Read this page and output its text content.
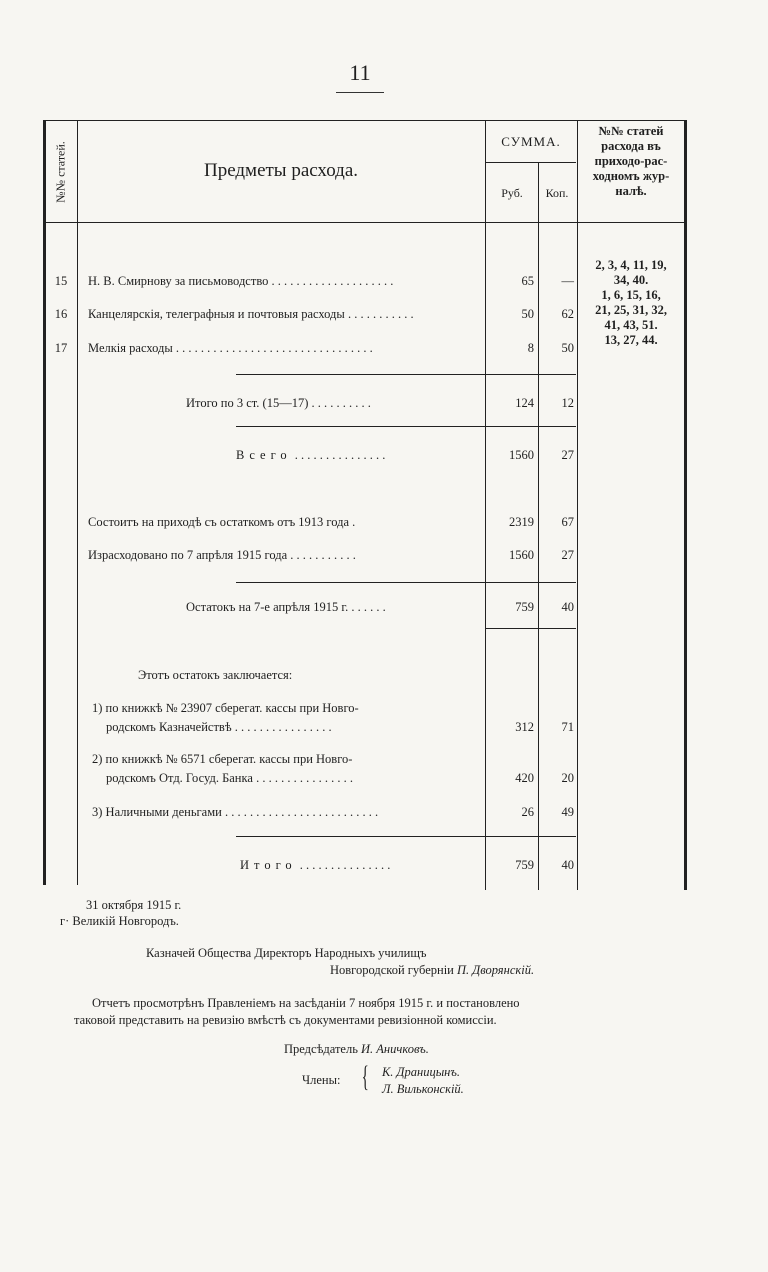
11
№№ статей.	Предметы расхода.
СУММА.
Руб.	Коп.
№№ статей расхода въ приходо-рас-ходномъ жур-налѣ.
15	Н. В. Смирнову за письмоводство . . . . . . . . . . . . . . . . . . . .	65	—
16	Канцелярскія, телеграфныя и почтовыя расходы . . . . . . . . . . .	50	62
17	Мелкія расходы . . . . . . . . . . . . . . . . . . . . . . . . . . . . . . . .	8	50
2, 3, 4, 11, 19,
34, 40.
1, 6, 15, 16,
21, 25, 31, 32,
41, 43, 51.
13, 27, 44.
Итого по 3 ст. (15—17) . . . . . . . . . .	124	12
Всего . . . . . . . . . . . . . . .	1560	27
Состоитъ на приходѣ съ остаткомъ отъ 1913 года .	2319	67
Израсходовано по 7 апрѣля 1915 года . . . . . . . . . . .	1560	27
Остатокъ на 7-е апрѣля 1915 г. . . . . . .	759	40
Этотъ остатокъ заключается:
1) по книжкѣ № 23907 сберегат. кассы при Новго-
родскомъ Казначействѣ . . . . . . . . . . . . . . . .	312	71
2) по книжкѣ № 6571 сберегат. кассы при Новго-
родскомъ Отд. Госуд. Банка . . . . . . . . . . . . . . . .	420	20
3) Наличными деньгами . . . . . . . . . . . . . . . . . . . . . . . . .	26	49
Итого . . . . . . . . . . . . . . .	759	40
31 октября 1915 г.
г· Великій Новгородъ.
Казначей Общества Директоръ Народныхъ училищъ
Новгородской губерніи П. Дворянскій.
Отчетъ просмотрѣнъ Правленіемъ на засѣданіи 7 ноября 1915 г. и постановлено
таковой представить на ревизію вмѣстѣ съ документами ревизіонной комиссіи.
Предсѣдатель И. Аничковъ.
Члены: { К. Драницынъ.
Л. Вильконскій.
